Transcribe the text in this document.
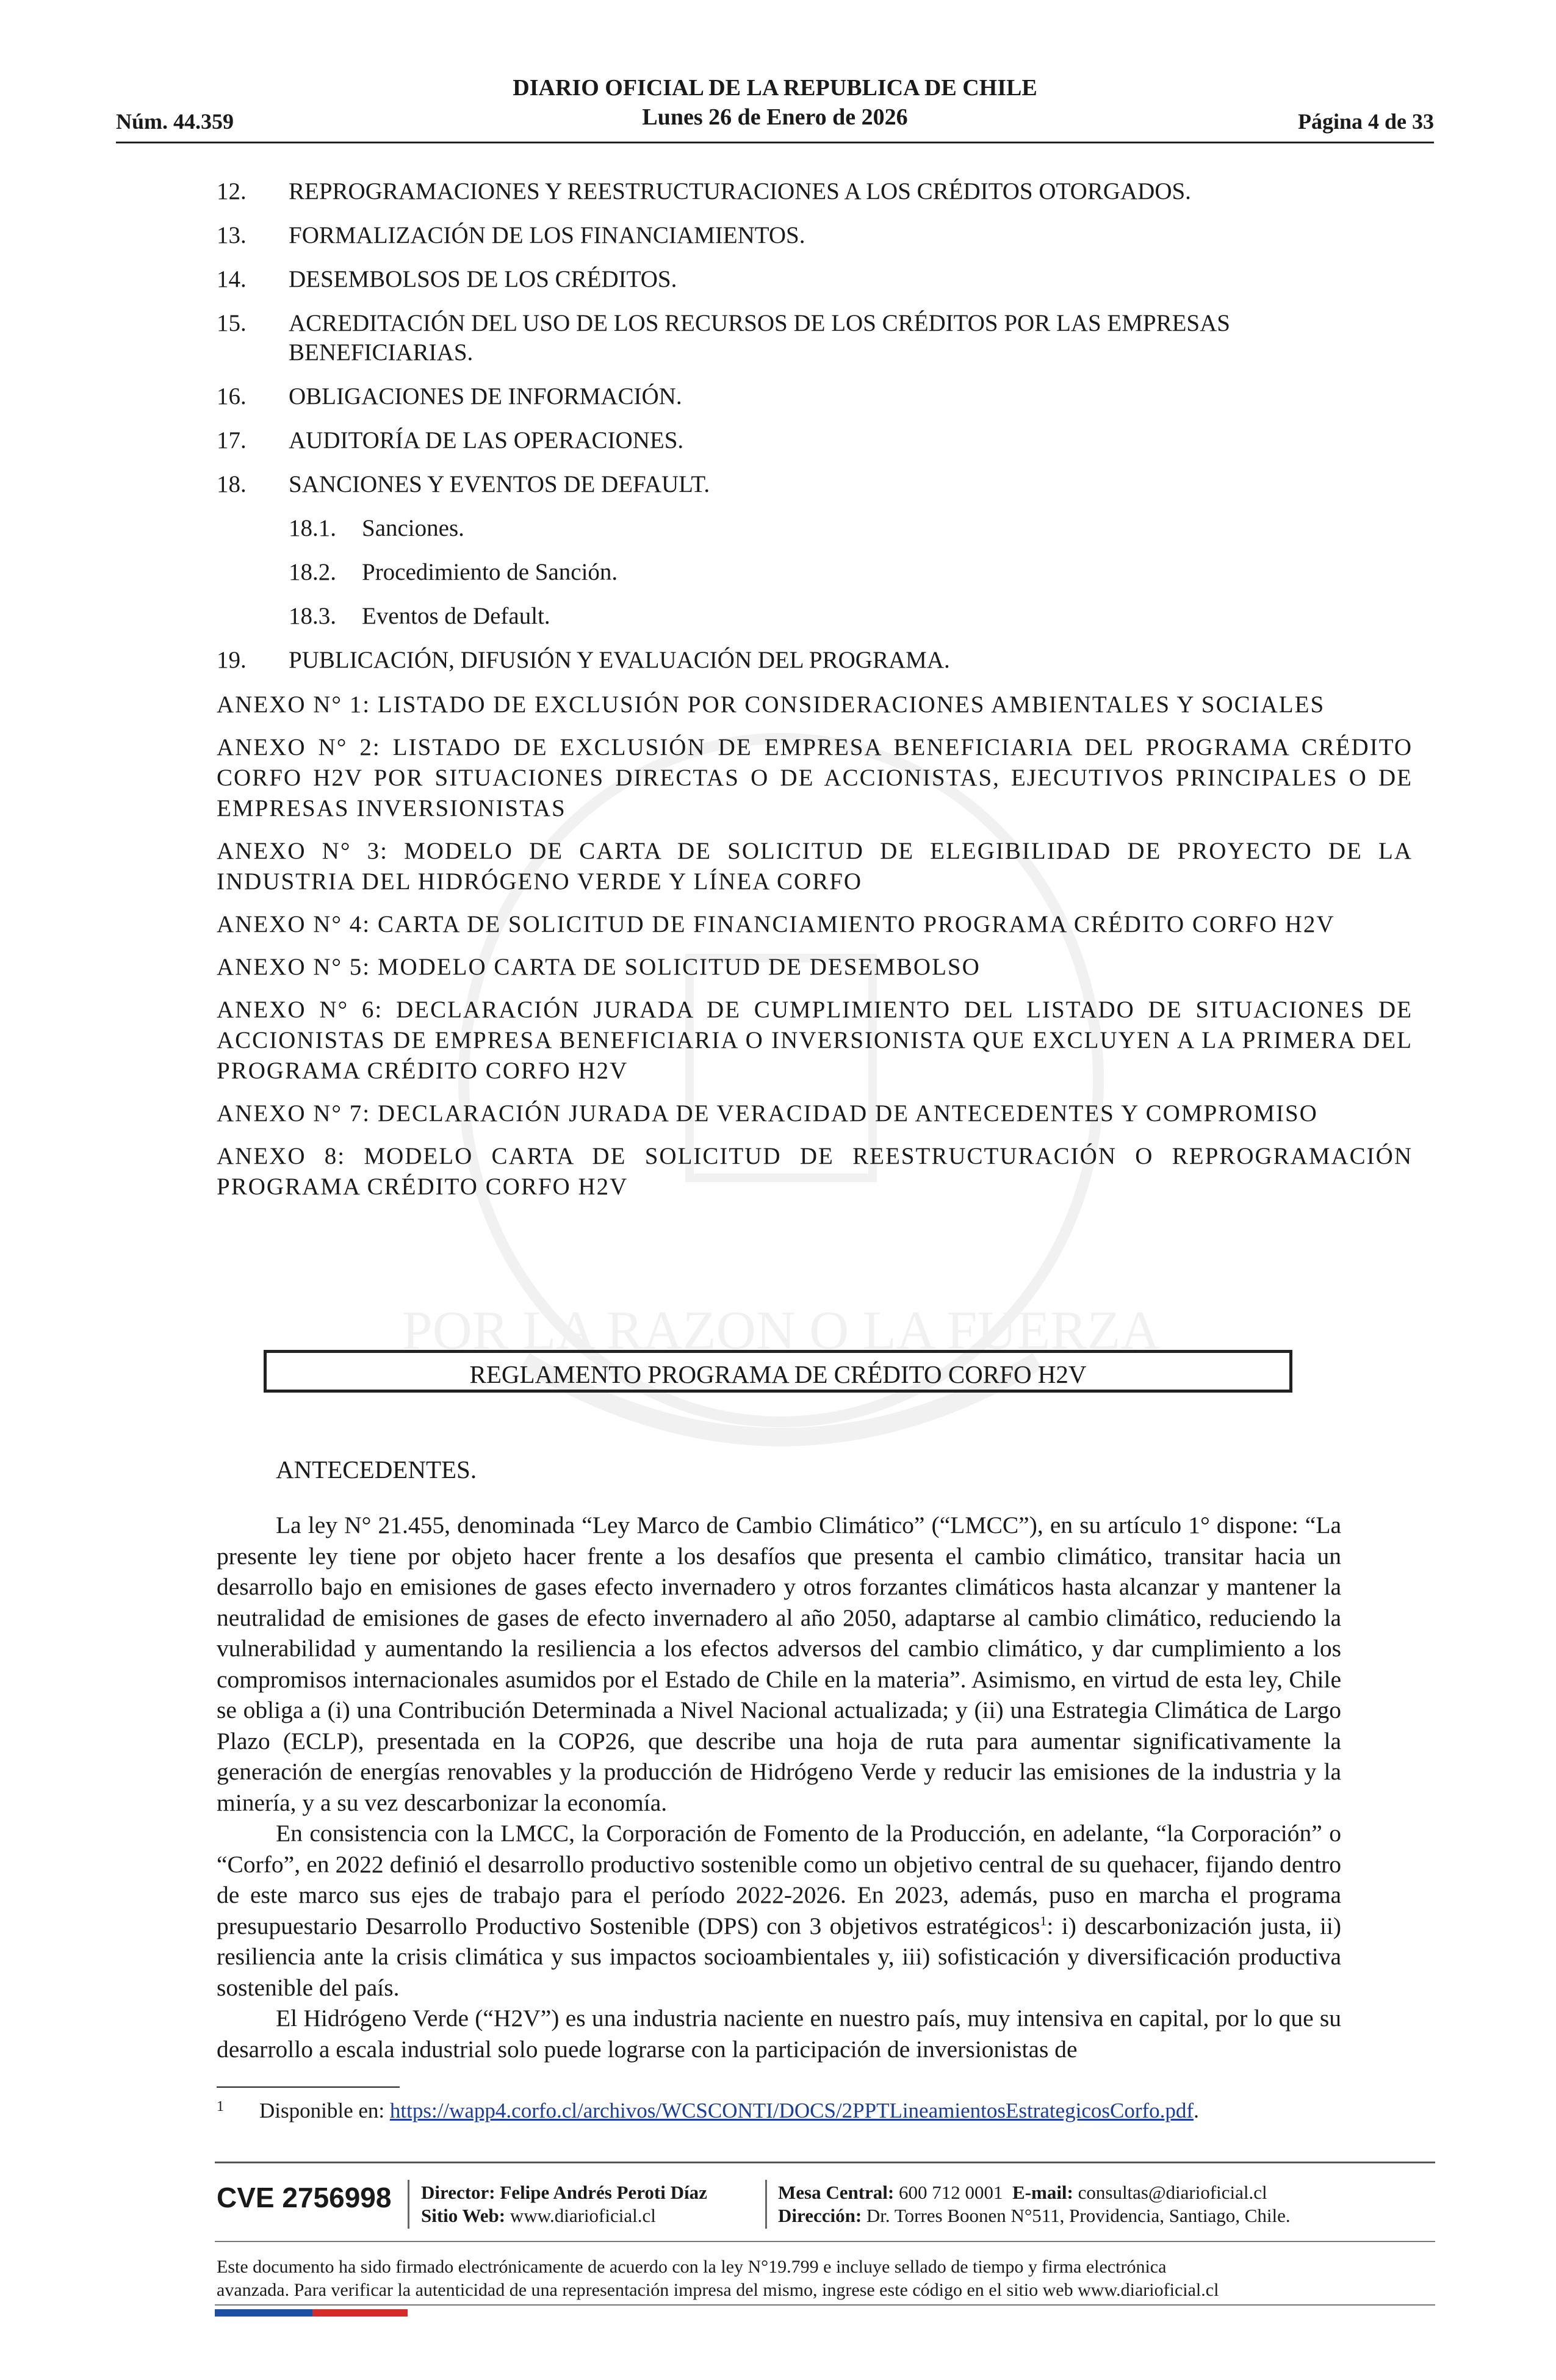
POR LA RAZON O LA FUERZA
Núm. 44.359
DIARIO OFICIAL DE LA REPUBLICA DE CHILE
Lunes 26 de Enero de 2026	Página 4 de 33
12.	REPROGRAMACIONES Y REESTRUCTURACIONES A LOS CRÉDITOS OTORGADOS.
13.	FORMALIZACIÓN DE LOS FINANCIAMIENTOS.
14.	DESEMBOLSOS DE LOS CRÉDITOS.
15.	ACREDITACIÓN DEL USO DE LOS RECURSOS DE LOS CRÉDITOS POR LAS EMPRESAS BENEFICIARIAS.
16.	OBLIGACIONES DE INFORMACIÓN.
17.	AUDITORÍA DE LAS OPERACIONES.
18.	SANCIONES Y EVENTOS DE DEFAULT.
18.1.	Sanciones.
18.2.	Procedimiento de Sanción.
18.3.	Eventos de Default.
19.	PUBLICACIÓN, DIFUSIÓN Y EVALUACIÓN DEL PROGRAMA.
ANEXO N° 1: LISTADO DE EXCLUSIÓN POR CONSIDERACIONES AMBIENTALES Y SOCIALES
ANEXO N° 2: LISTADO DE EXCLUSIÓN DE EMPRESA BENEFICIARIA DEL PROGRAMA CRÉDITO CORFO H2V POR SITUACIONES DIRECTAS O DE ACCIONISTAS, EJECUTIVOS PRINCIPALES O DE EMPRESAS INVERSIONISTAS
ANEXO N° 3: MODELO DE CARTA DE SOLICITUD DE ELEGIBILIDAD DE PROYECTO DE LA INDUSTRIA DEL HIDRÓGENO VERDE Y LÍNEA CORFO
ANEXO N° 4: CARTA DE SOLICITUD DE FINANCIAMIENTO PROGRAMA CRÉDITO CORFO H2V
ANEXO N° 5: MODELO CARTA DE SOLICITUD DE DESEMBOLSO
ANEXO N° 6: DECLARACIÓN JURADA DE CUMPLIMIENTO DEL LISTADO DE SITUACIONES DE ACCIONISTAS DE EMPRESA BENEFICIARIA O INVERSIONISTA QUE EXCLUYEN A LA PRIMERA DEL PROGRAMA CRÉDITO CORFO H2V
ANEXO N° 7: DECLARACIÓN JURADA DE VERACIDAD DE ANTECEDENTES Y COMPROMISO
ANEXO 8: MODELO CARTA DE SOLICITUD DE REESTRUCTURACIÓN O REPROGRAMACIÓN PROGRAMA CRÉDITO CORFO H2V
REGLAMENTO PROGRAMA DE CRÉDITO CORFO H2V
ANTECEDENTES.

La ley N° 21.455, denominada “Ley Marco de Cambio Climático” (“LMCC”), en su artículo 1° dispone: “La presente ley tiene por objeto hacer frente a los desafíos que presenta el cambio climático, transitar hacia un desarrollo bajo en emisiones de gases efecto invernadero y otros forzantes climáticos hasta alcanzar y mantener la neutralidad de emisiones de gases de efecto invernadero al año 2050, adaptarse al cambio climático, reduciendo la vulnerabilidad y aumentando la resiliencia a los efectos adversos del cambio climático, y dar cumplimiento a los compromisos internacionales asumidos por el Estado de Chile en la materia”. Asimismo, en virtud de esta ley, Chile se obliga a (i) una Contribución Determinada a Nivel Nacional actualizada; y (ii) una Estrategia Climática de Largo Plazo (ECLP), presentada en la COP26, que describe una hoja de ruta para aumentar significativamente la generación de energías renovables y la producción de Hidrógeno Verde y reducir las emisiones de la industria y la minería, y a su vez descarbonizar la economía.

En consistencia con la LMCC, la Corporación de Fomento de la Producción, en adelante, “la Corporación” o “Corfo”, en 2022 definió el desarrollo productivo sostenible como un objetivo central de su quehacer, fijando dentro de este marco sus ejes de trabajo para el período 2022-2026. En 2023, además, puso en marcha el programa presupuestario Desarrollo Productivo Sostenible (DPS) con 3 objetivos estratégicos$^1$: i) descarbonización justa, ii) resiliencia ante la crisis climática y sus impactos socioambientales y, iii) sofisticación y diversificación productiva sostenible del país.

El Hidrógeno Verde (“H2V”) es una industria naciente en nuestro país, muy intensiva en capital, por lo que su desarrollo a escala industrial solo puede lograrse con la participación de inversionistas de

1	Disponible en: https://wapp4.corfo.cl/archivos/WCSCONTI/DOCS/2PPTLineamientosEstrategicosCorfo.pdf.
CVE 2756998 Director: Felipe Andrés Peroti Díaz
Sitio Web: www.diarioficial.cl
Mesa Central: 600 712 0001 E-mail: consultas@diarioficial.cl
Dirección: Dr. Torres Boonen N°511, Providencia, Santiago, Chile.
Este documento ha sido firmado electrónicamente de acuerdo con la ley N°19.799 e incluye sellado de tiempo y firma electrónica
avanzada. Para verificar la autenticidad de una representación impresa del mismo, ingrese este código en el sitio web www.diarioficial.cl
